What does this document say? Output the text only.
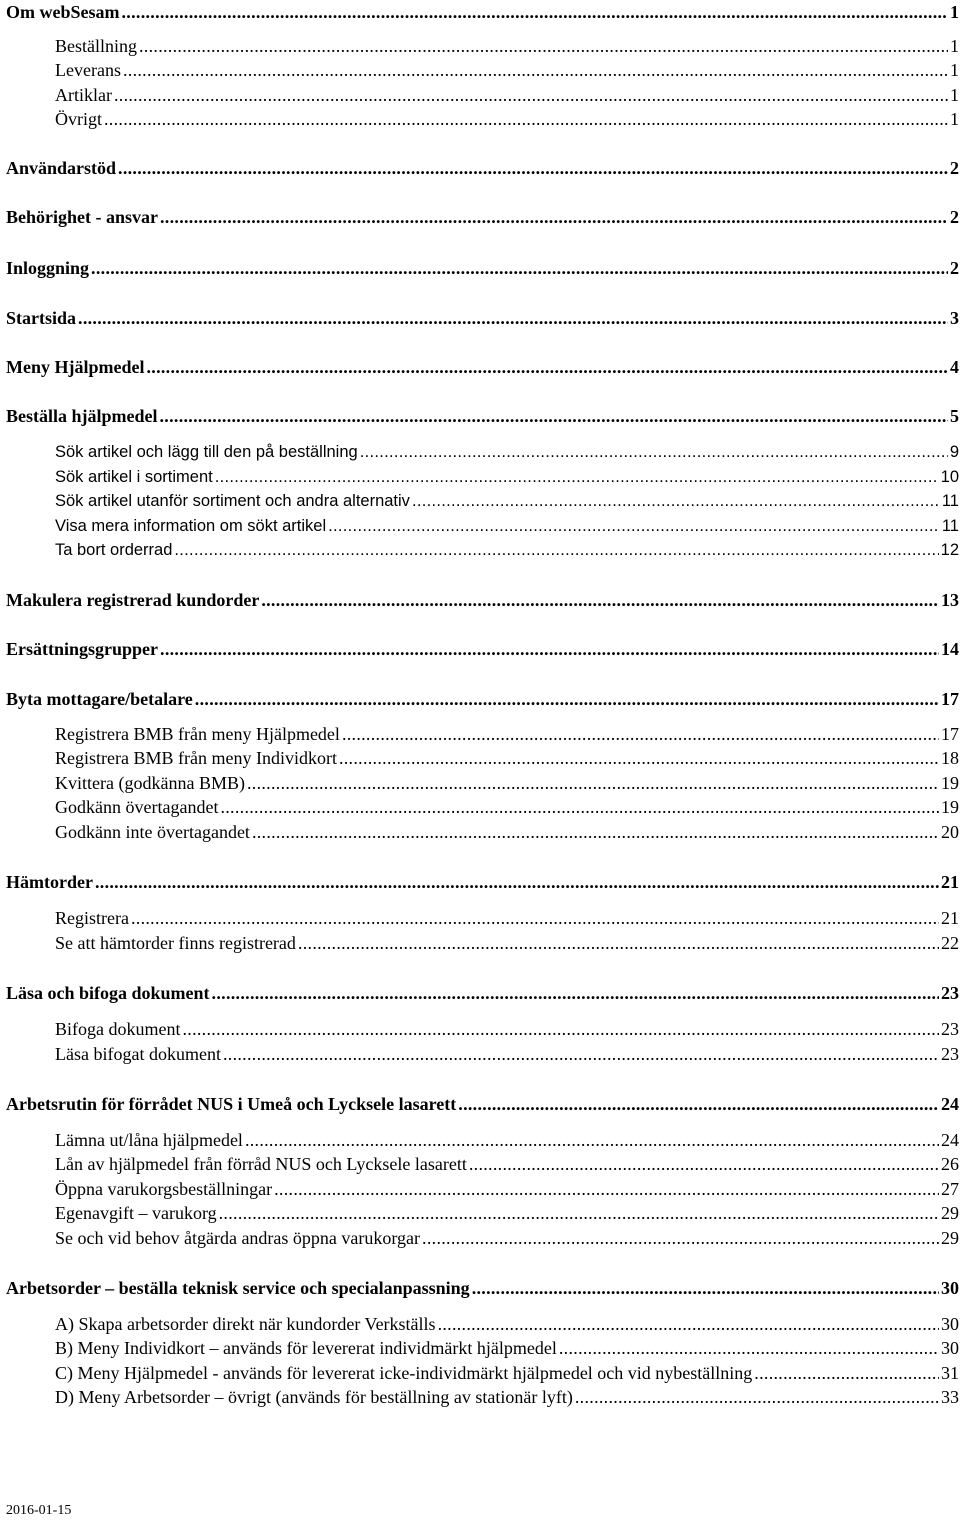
Om webSesam .....	1
Beställning .....	1
Leverans .....	1
Artiklar .....	1
Övrigt .....	1
Användarstöd .....	2
Behörighet - ansvar .....	2
Inloggning .....	2
Startsida .....	3
Meny Hjälpmedel .....	4
Beställa hjälpmedel .....	5
Sök artikel och lägg till den på beställning .....	9
Sök artikel i sortiment .....	10
Sök artikel utanför sortiment och andra alternativ .....	11
Visa mera information om sökt artikel .....	11
Ta bort orderrad .....	12
Makulera registrerad kundorder .....	13
Ersättningsgrupper .....	14
Byta mottagare/betalare .....	17
Registrera BMB från meny Hjälpmedel .....	17
Registrera BMB från meny Individkort .....	18
Kvittera (godkänna BMB) .....	19
Godkänn övertagandet .....	19
Godkänn inte övertagandet .....	20
Hämtorder .....	21
Registrera .....	21
Se att hämtorder finns registrerad .....	22
Läsa och bifoga dokument .....	23
Bifoga dokument .....	23
Läsa bifogat dokument .....	23
Arbetsrutin för förrådet NUS i Umeå och Lycksele lasarett .....	24
Lämna ut/låna hjälpmedel .....	24
Lån av hjälpmedel från förråd NUS och Lycksele lasarett .....	26
Öppna varukorgsbeställningar .....	27
Egenavgift – varukorg .....	29
Se och vid behov åtgärda andras öppna varukorgar .....	29
Arbetsorder – beställa teknisk service och specialanpassning .....	30
A) Skapa arbetsorder direkt när kundorder Verkställs .....	30
B) Meny Individkort – används för levererat individmärkt hjälpmedel .....	30
C) Meny Hjälpmedel - används för levererat icke-individmärkt hjälpmedel och vid nybeställning .....	31
D) Meny Arbetsorder – övrigt (används för beställning av stationär lyft) .....	33
2016-01-15
